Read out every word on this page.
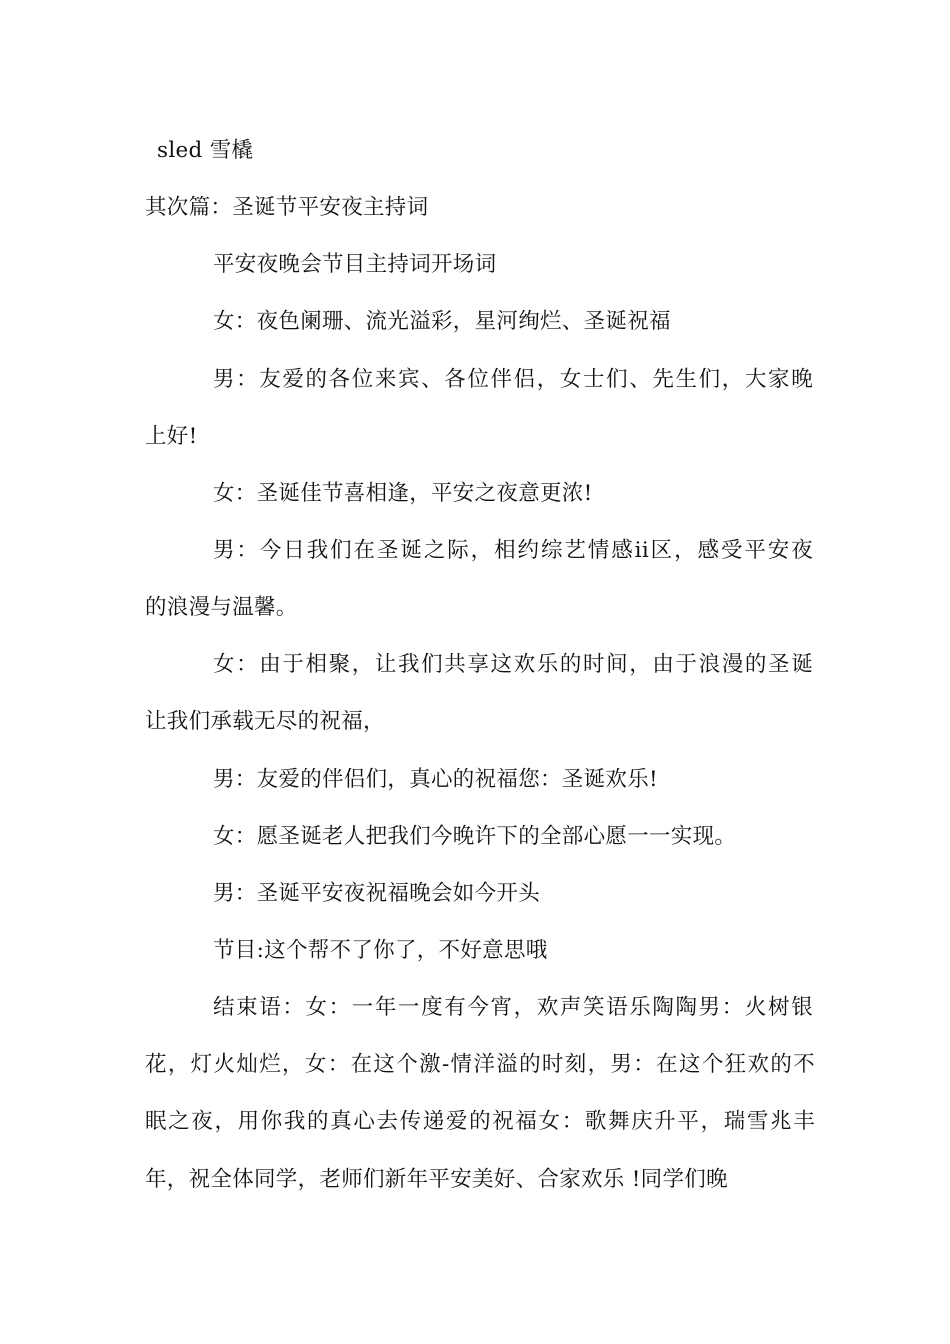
sled 雪橇
其次篇：圣诞节平安夜主持词
平安夜晚会节目主持词开场词
女：夜色阑珊、流光溢彩，星河绚烂、圣诞祝福
男：友爱的各位来宾、各位伴侣，女士们、先生们，大家晚
上好!
女：圣诞佳节喜相逢，平安之夜意更浓!
男：今日我们在圣诞之际，相约综艺情感ii区，感受平安夜
的浪漫与温馨。
女：由于相聚，让我们共享这欢乐的时间，由于浪漫的圣诞
让我们承载无尽的祝福，
男：友爱的伴侣们，真心的祝福您：圣诞欢乐!
女：愿圣诞老人把我们今晚许下的全部心愿一一实现。
男：圣诞平安夜祝福晚会如今开头
节目:这个帮不了你了，不好意思哦
结束语：女：一年一度有今宵，欢声笑语乐陶陶男：火树银
花，灯火灿烂，女：在这个激-情洋溢的时刻，男：在这个狂欢的不
眠之夜，用你我的真心去传递爱的祝福女：歌舞庆升平，瑞雪兆丰
年，祝全体同学，老师们新年平安美好、合家欢乐 !同学们晚
